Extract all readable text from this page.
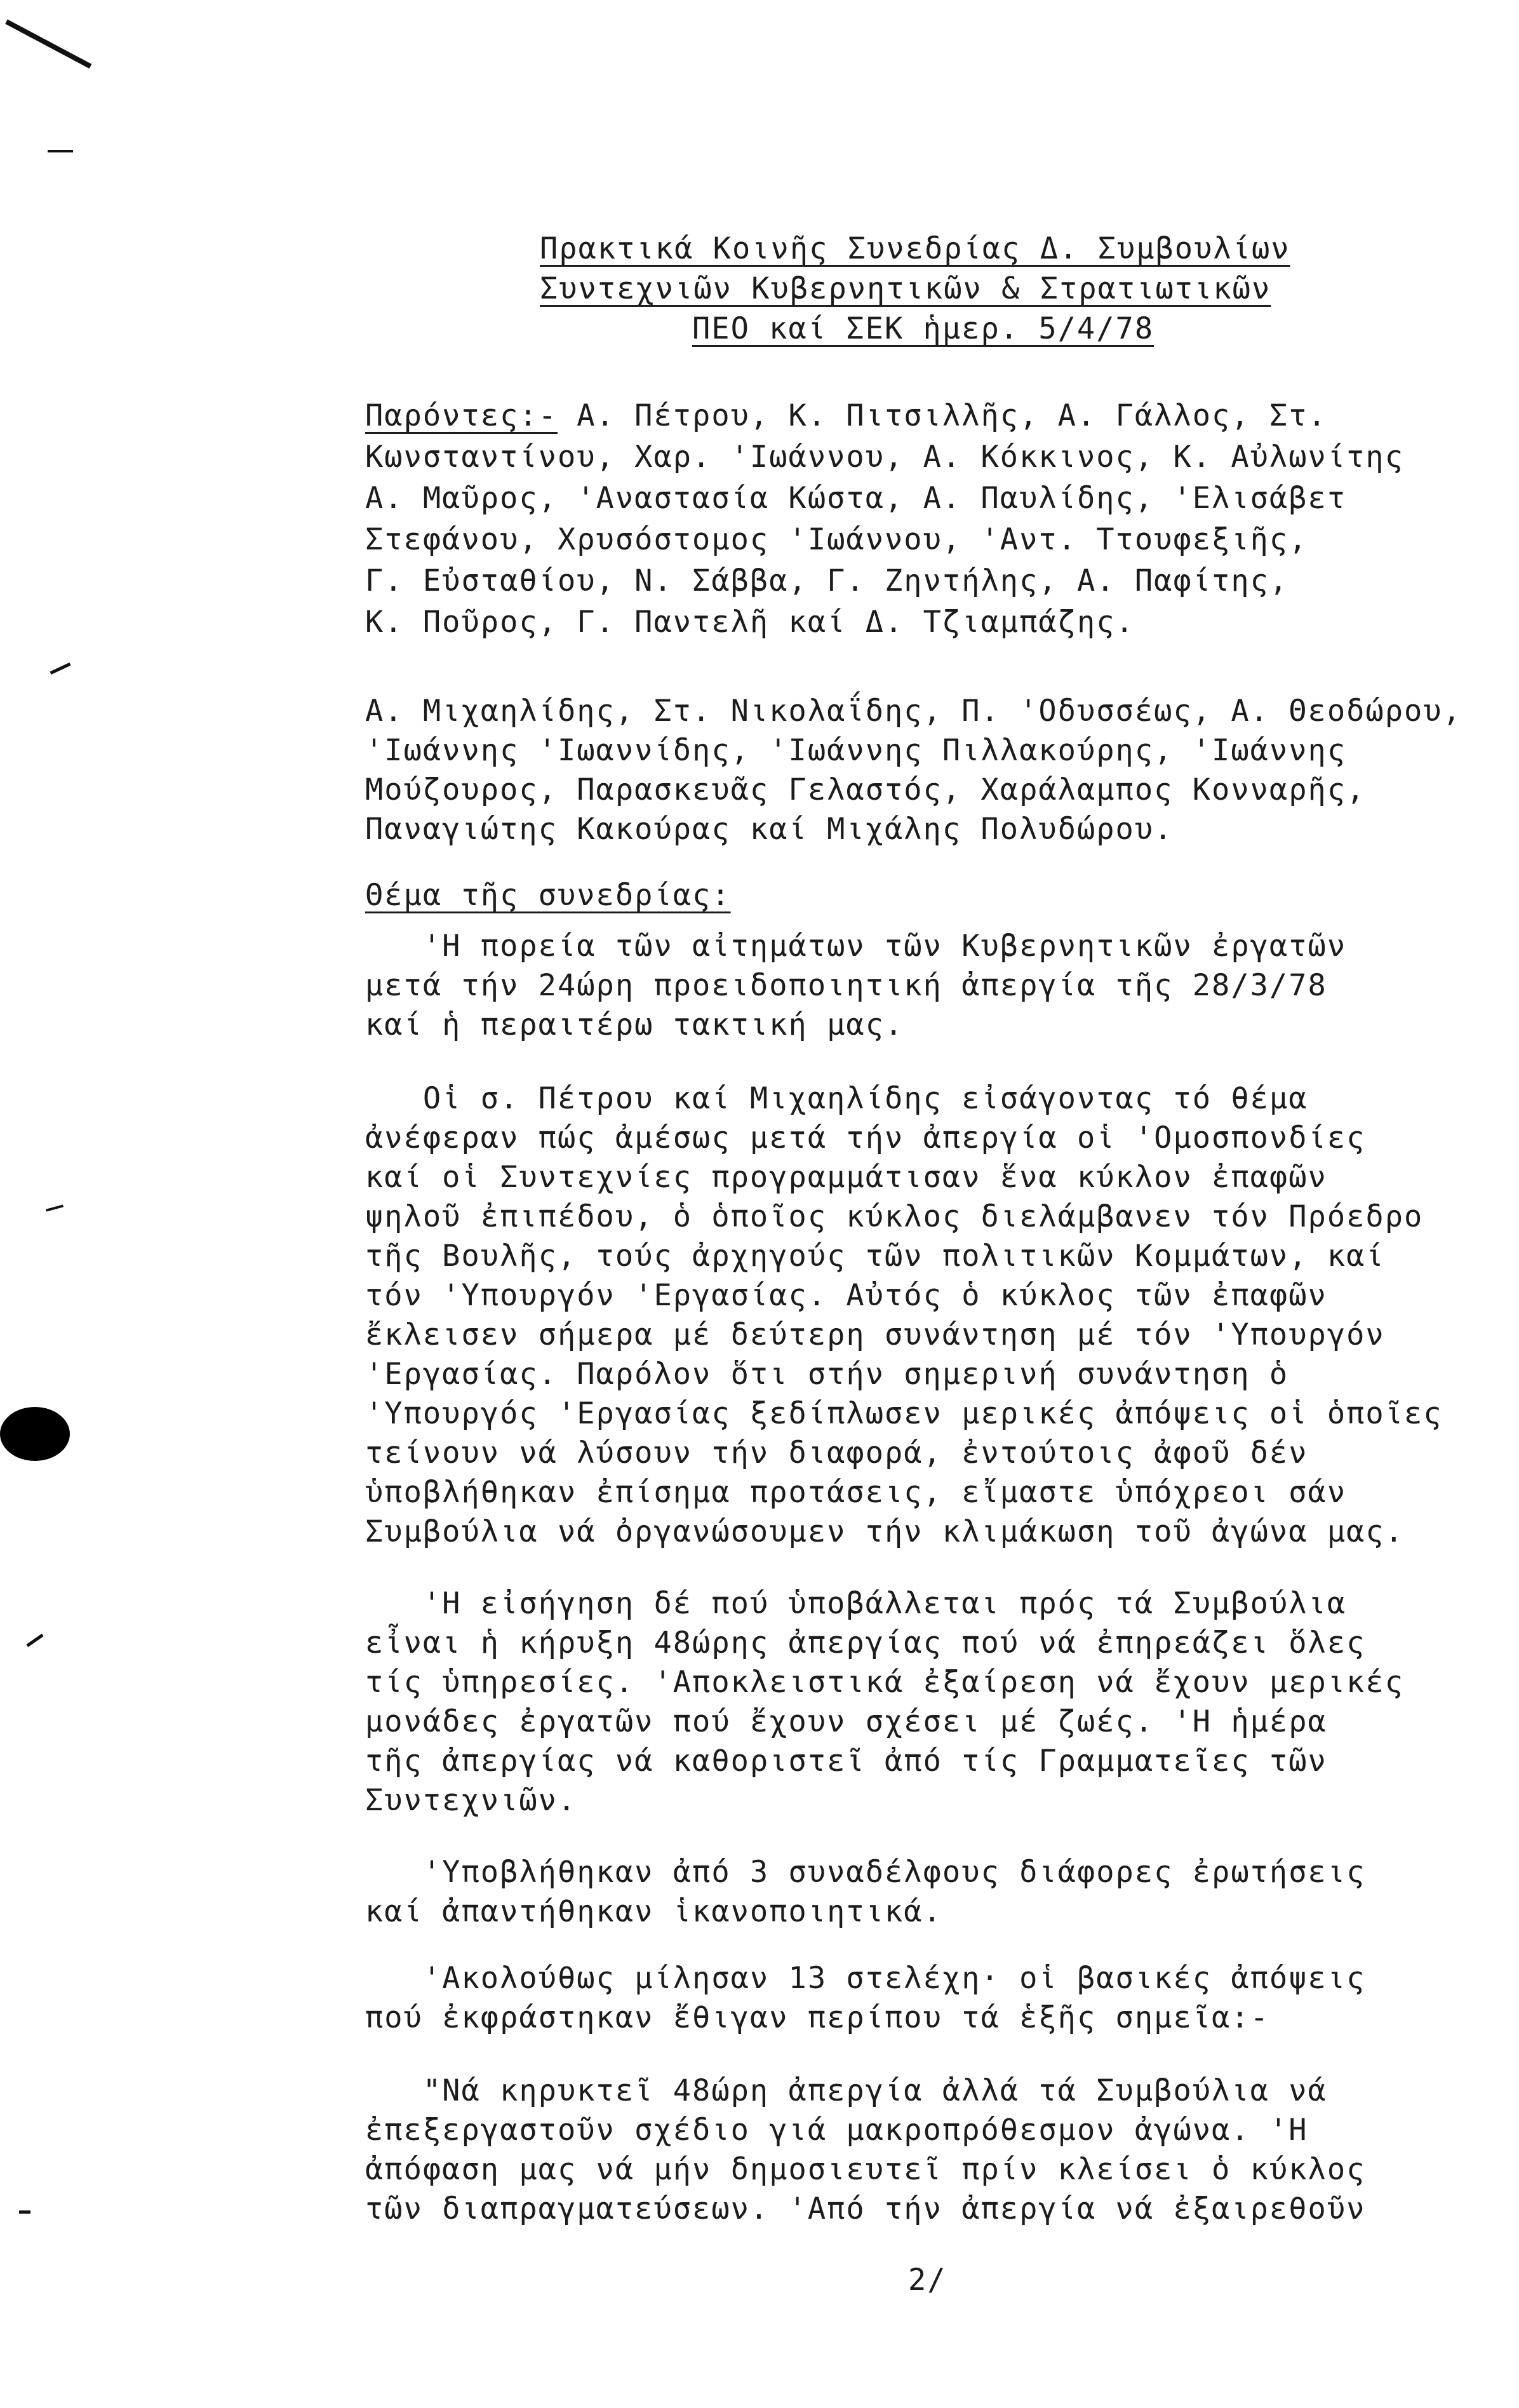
Πρακτικά Κοινῆς Συνεδρίας Δ. Συμβουλίων

Συντεχνιῶν Κυβερνητικῶν & Στρατιωτικῶν

ΠΕΟ καί ΣΕΚ ἡμερ. 5/4/78

Παρόντες:- Α. Πέτρου, Κ. Πιτσιλλῆς, Α. Γάλλος, Στ.

Κωνσταντίνου, Χαρ. 'Ιωάννου, Α. Κόκκινος, Κ. Αὐλωνίτης

Α. Μαῦρος, 'Αναστασία Κώστα, Α. Παυλίδης, 'Ελισάβετ

Στεφάνου, Χρυσόστομος 'Ιωάννου, 'Αντ. Ττουφεξιῆς,

Γ. Εὐσταθίου, Ν. Σάββα, Γ. Ζηντήλης, Α. Παφίτης,

Κ. Ποῦρος, Γ. Παντελῆ καί Δ. Τζιαμπάζης.

Α. Μιχαηλίδης, Στ. Νικολαΐδης, Π. 'Οδυσσέως, Α. Θεοδώρου,

'Ιωάννης 'Ιωαννίδης, 'Ιωάννης Πιλλακούρης, 'Ιωάννης

Μούζουρος, Παρασκευᾶς Γελαστός, Χαράλαμπος Κονναρῆς,

Παναγιώτης Κακούρας καί Μιχάλης Πολυδώρου.

Θέμα τῆς συνεδρίας:

'Η πορεία τῶν αἰτημάτων τῶν Κυβερνητικῶν ἐργατῶν

μετά τήν 24ώρη προειδοποιητική ἀπεργία τῆς 28/3/78

καί ἡ περαιτέρω τακτική μας.

Οἱ σ. Πέτρου καί Μιχαηλίδης εἰσάγοντας τό θέμα

ἀνέφεραν πώς ἀμέσως μετά τήν ἀπεργία οἱ 'Ομοσπονδίες

καί οἱ Συντεχνίες προγραμμάτισαν ἕνα κύκλον ἐπαφῶν

ψηλοῦ ἐπιπέδου, ὁ ὁποῖος κύκλος διελάμβανεν τόν Πρόεδρο

τῆς Βουλῆς, τούς ἀρχηγούς τῶν πολιτικῶν Κομμάτων, καί

τόν 'Υπουργόν 'Εργασίας. Αὐτός ὁ κύκλος τῶν ἐπαφῶν

ἔκλεισεν σήμερα μέ δεύτερη συνάντηση μέ τόν 'Υπουργόν

'Εργασίας. Παρόλον ὅτι στήν σημερινή συνάντηση ὁ

'Υπουργός 'Εργασίας ξεδίπλωσεν μερικές ἀπόψεις οἱ ὁποῖες

τείνουν νά λύσουν τήν διαφορά, ἐντούτοις ἀφοῦ δέν

ὑποβλήθηκαν ἐπίσημα προτάσεις, εἴμαστε ὑπόχρεοι σάν

Συμβούλια νά ὀργανώσουμεν τήν κλιμάκωση τοῦ ἀγώνα μας.

'Η εἰσήγηση δέ πού ὑποβάλλεται πρός τά Συμβούλια

εἶναι ἡ κήρυξη 48ώρης ἀπεργίας πού νά ἐπηρεάζει ὅλες

τίς ὑπηρεσίες. 'Αποκλειστικά ἐξαίρεση νά ἔχουν μερικές

μονάδες ἐργατῶν πού ἔχουν σχέσει μέ ζωές. 'Η ἡμέρα

τῆς ἀπεργίας νά καθοριστεῖ ἀπό τίς Γραμματεῖες τῶν

Συντεχνιῶν.

'Υποβλήθηκαν ἀπό 3 συναδέλφους διάφορες ἐρωτήσεις

καί ἀπαντήθηκαν ἱκανοποιητικά.

'Ακολούθως μίλησαν 13 στελέχη· οἱ βασικές ἀπόψεις

πού ἐκφράστηκαν ἔθιγαν περίπου τά ἑξῆς σημεῖα:-

"Νά κηρυκτεῖ 48ώρη ἀπεργία ἀλλά τά Συμβούλια νά

ἐπεξεργαστοῦν σχέδιο γιά μακροπρόθεσμον ἀγώνα. 'Η

ἀπόφαση μας νά μήν δημοσιευτεῖ πρίν κλείσει ὁ κύκλος

τῶν διαπραγματεύσεων. 'Από τήν ἀπεργία νά ἐξαιρεθοῦν

2/
